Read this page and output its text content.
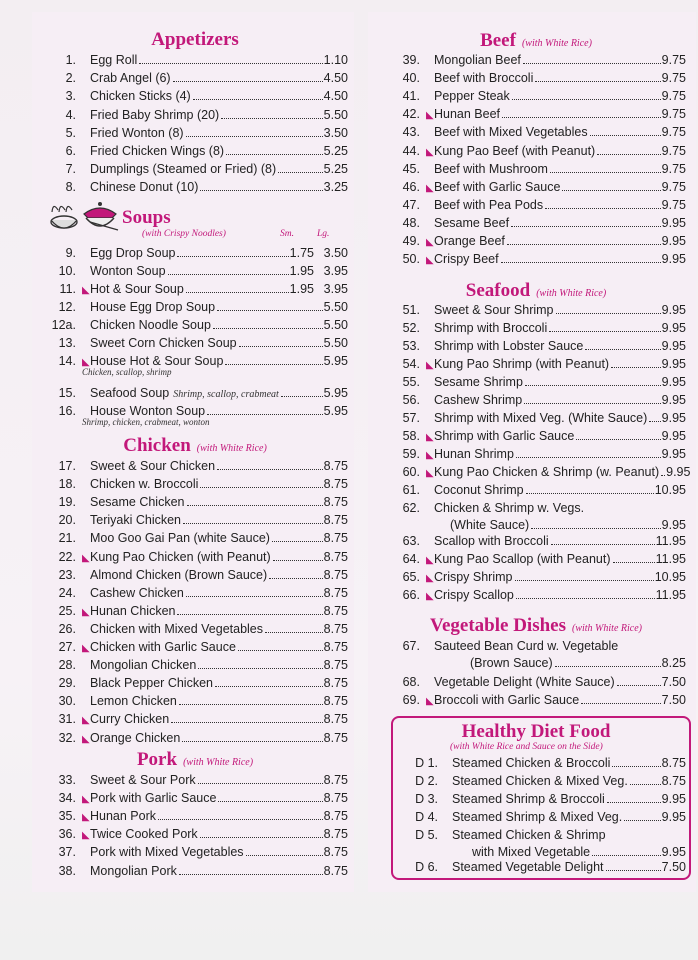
Appetizers
1.	Egg Roll	1.10
2.	Crab Angel (6)	4.50
3.	Chicken Sticks (4)	4.50
4.	Fried Baby Shrimp (20)	5.50
5.	Fried Wonton (8)	3.50
6.	Fried Chicken Wings (8)	5.25
7.	Dumplings (Steamed or Fried) (8)	5.25
8.	Chinese Donut (10)	3.25
Soups
(with Crispy Noodles)	Sm. Lg.
9.	Egg Drop Soup	1.75 3.50
10.	Wonton Soup	1.95 3.95
11. ◣ Hot & Sour Soup	1.95 3.95
12.	House Egg Drop Soup	5.50
12a.	Chicken Noodle Soup	5.50
13.	Sweet Corn Chicken Soup	5.50
14. ◣ House Hot & Sour Soup	5.95
Chicken, scallop, shrimp
15.	Seafood Soup Shrimp, scallop, crabmeat	5.95
16.	House Wonton Soup	5.95
Shrimp, chicken, crabmeat, wonton
Chicken (with White Rice)
17.	Sweet & Sour Chicken	8.75
18.	Chicken w. Broccoli	8.75
19.	Sesame Chicken	8.75
20.	Teriyaki Chicken	8.75
21.	Moo Goo Gai Pan (white Sauce)	8.75
22. ◣ Kung Pao Chicken (with Peanut)	8.75
23.	Almond Chicken (Brown Sauce)	8.75
24.	Cashew Chicken	8.75
25. ◣ Hunan Chicken	8.75
26.	Chicken with Mixed Vegetables	8.75
27. ◣ Chicken with Garlic Sauce	8.75
28.	Mongolian Chicken	8.75
29.	Black Pepper Chicken	8.75
30.	Lemon Chicken	8.75
31. ◣ Curry Chicken	8.75
32. ◣ Orange Chicken	8.75
Pork (with White Rice)
33.	Sweet & Sour Pork	8.75
34. ◣ Pork with Garlic Sauce	8.75
35. ◣ Hunan Pork	8.75
36. ◣ Twice Cooked Pork	8.75
37.	Pork with Mixed Vegetables	8.75
38.	Mongolian Pork	8.75
Beef (with White Rice)
39.	Mongolian Beef	9.75
40.	Beef with Broccoli	9.75
41.	Pepper Steak	9.75
42. ◣ Hunan Beef	9.75
43.	Beef with Mixed Vegetables	9.75
44. ◣ Kung Pao Beef (with Peanut)	9.75
45.	Beef with Mushroom	9.75
46. ◣ Beef with Garlic Sauce	9.75
47.	Beef with Pea Pods	9.75
48.	Sesame Beef	9.95
49. ◣ Orange Beef	9.95
50. ◣ Crispy Beef	9.95
Seafood (with White Rice)
51.	Sweet & Sour Shrimp	9.95
52.	Shrimp with Broccoli	9.95
53.	Shrimp with Lobster Sauce	9.95
54. ◣ Kung Pao Shrimp (with Peanut)	9.95
55.	Sesame Shrimp	9.95
56.	Cashew Shrimp	9.95
57.	Shrimp with Mixed Veg. (White Sauce) 9.95
58. ◣ Shrimp with Garlic Sauce	9.95
59. ◣ Hunan Shrimp	9.95
60. ◣ Kung Pao Chicken & Shrimp (w. Peanut) 9.95
61.	Coconut Shrimp	10.95
62.	Chicken & Shrimp w. Vegs.
(White Sauce)	9.95
63.	Scallop with Broccoli	11.95
64. ◣ Kung Pao Scallop (with Peanut)	11.95
65. ◣ Crispy Shrimp	10.95
66. ◣ Crispy Scallop	11.95
Vegetable Dishes (with White Rice)
67.	Sauteed Bean Curd w. Vegetable
(Brown Sauce)	8.25
68.	Vegetable Delight (White Sauce)	7.50
69. ◣ Broccoli with Garlic Sauce	7.50
Healthy Diet Food
(with White Rice and Sauce on the Side)
D 1.	Steamed Chicken & Broccoli	8.75
D 2.	Steamed Chicken & Mixed Veg.	8.75
D 3.	Steamed Shrimp & Broccoli	9.95
D 4.	Steamed Shrimp & Mixed Veg.	9.95
D 5.	Steamed Chicken & Shrimp
with Mixed Vegetable	9.95
D 6.	Steamed Vegetable Delight	7.50
